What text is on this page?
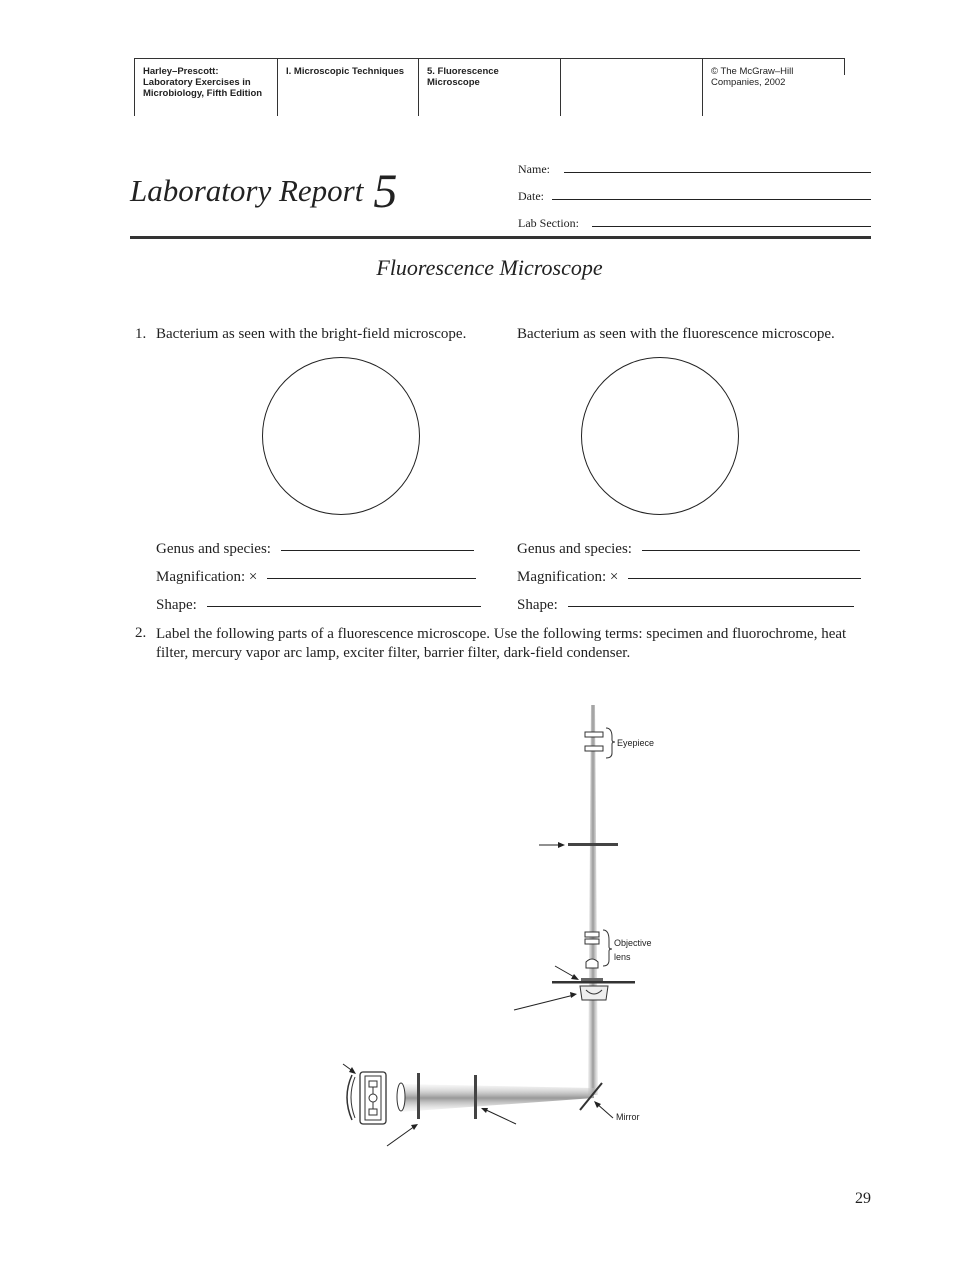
Harley–Prescott:
Laboratory Exercises in
Microbiology, Fifth Edition
I. Microscopic Techniques	5. Fluorescence
Microscope
© The McGraw–Hill
Companies, 2002
Laboratory Report 5	Name:
Date:
Lab Section:
Fluorescence Microscope
1. Bacterium as seen with the bright-field microscope.	Bacterium as seen with the fluorescence microscope.
Genus and species:
Magnification: ×
Shape:
Genus and species:
Magnification: ×
Shape:
2. Label the following parts of a fluorescence microscope. Use the following terms: specimen and fluorochrome, heat filter, mercury vapor arc lamp, exciter filter, barrier filter, dark-field condenser.
Eyepiece
Objective
lens
Mirror
29
